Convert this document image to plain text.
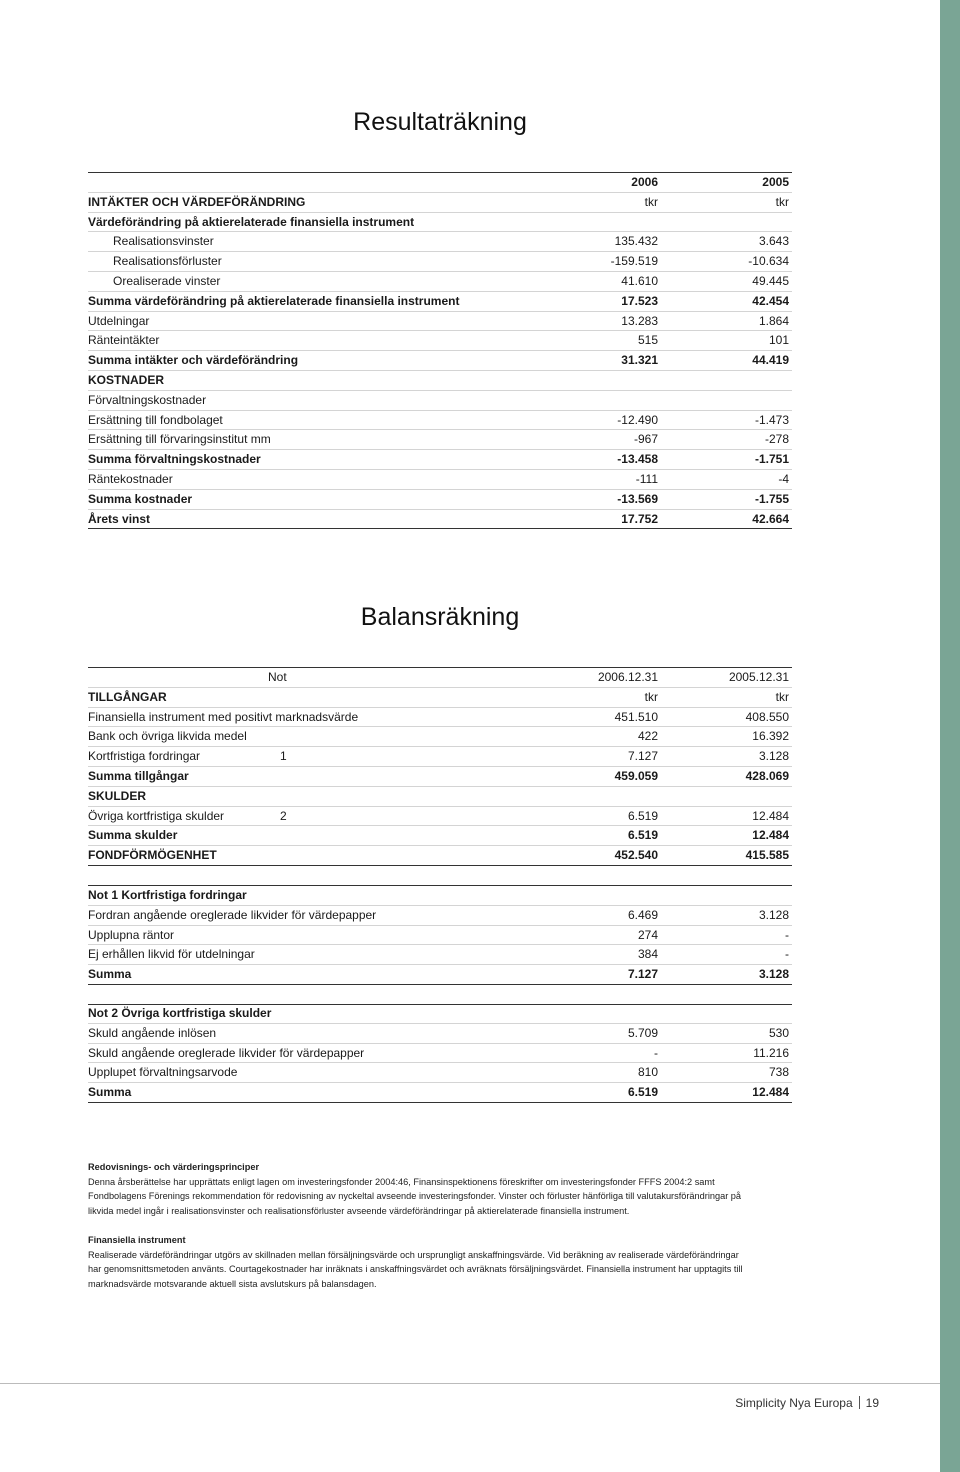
Resultaträkning
2006	2005
INTÄKTER OCH VÄRDEFÖRÄNDRING	tkr	tkr
Värdeförändring på aktierelaterade finansiella instrument
Realisationsvinster	135.432	3.643
Realisationsförluster	-159.519	-10.634
Orealiserade vinster	41.610	49.445
Summa värdeförändring på aktierelaterade finansiella instrument	17.523	42.454
Utdelningar	13.283	1.864
Ränteintäkter	515	101
Summa intäkter och värdeförändring	31.321	44.419
KOSTNADER
Förvaltningskostnader
Ersättning till fondbolaget	-12.490	-1.473
Ersättning till förvaringsinstitut mm	-967	-278
Summa förvaltningskostnader	-13.458	-1.751
Räntekostnader	-111	-4
Summa kostnader	-13.569	-1.755
Årets vinst	17.752	42.664
Balansräkning
Not	2006.12.31	2005.12.31
TILLGÅNGAR	tkr	tkr
Finansiella instrument med positivt marknadsvärde	451.510	408.550
Bank och övriga likvida medel	422	16.392
Kortfristiga fordringar	1	7.127	3.128
Summa tillgångar	459.059	428.069
SKULDER
Övriga kortfristiga skulder	2	6.519	12.484
Summa skulder	6.519	12.484
FONDFÖRMÖGENHET	452.540	415.585
Not 1 Kortfristiga fordringar
Fordran angående oreglerade likvider för värdepapper	6.469	3.128
Upplupna räntor	274	-
Ej erhållen likvid för utdelningar	384	-
Summa	7.127	3.128
Not 2 Övriga kortfristiga skulder
Skuld angående inlösen	5.709	530
Skuld angående oreglerade likvider för värdepapper	-	11.216
Upplupet förvaltningsarvode	810	738
Summa	6.519	12.484
Redovisnings- och värderingsprinciper
Denna årsberättelse har upprättats enligt lagen om investeringsfonder 2004:46, Finansinspektionens föreskrifter om investeringsfonder FFFS 2004:2 samt
Fondbolagens Förenings rekommendation för redovisning av nyckeltal avseende investeringsfonder. Vinster och förluster hänförliga till valutakursförändringar på
likvida medel ingår i realisationsvinster och realisationsförluster avseende värdeförändringar på aktierelaterade finansiella instrument.
Finansiella instrument
Realiserade värdeförändringar utgörs av skillnaden mellan försäljningsvärde och ursprungligt anskaffningsvärde. Vid beräkning av realiserade värdeförändringar
har genomsnittsmetoden använts. Courtagekostnader har inräknats i anskaffningsvärdet och avräknats försäljningsvärdet. Finansiella instrument har upptagits till
marknadsvärde motsvarande aktuell sista avslutskurs på balansdagen.
Simplicity Nya Europa 19
